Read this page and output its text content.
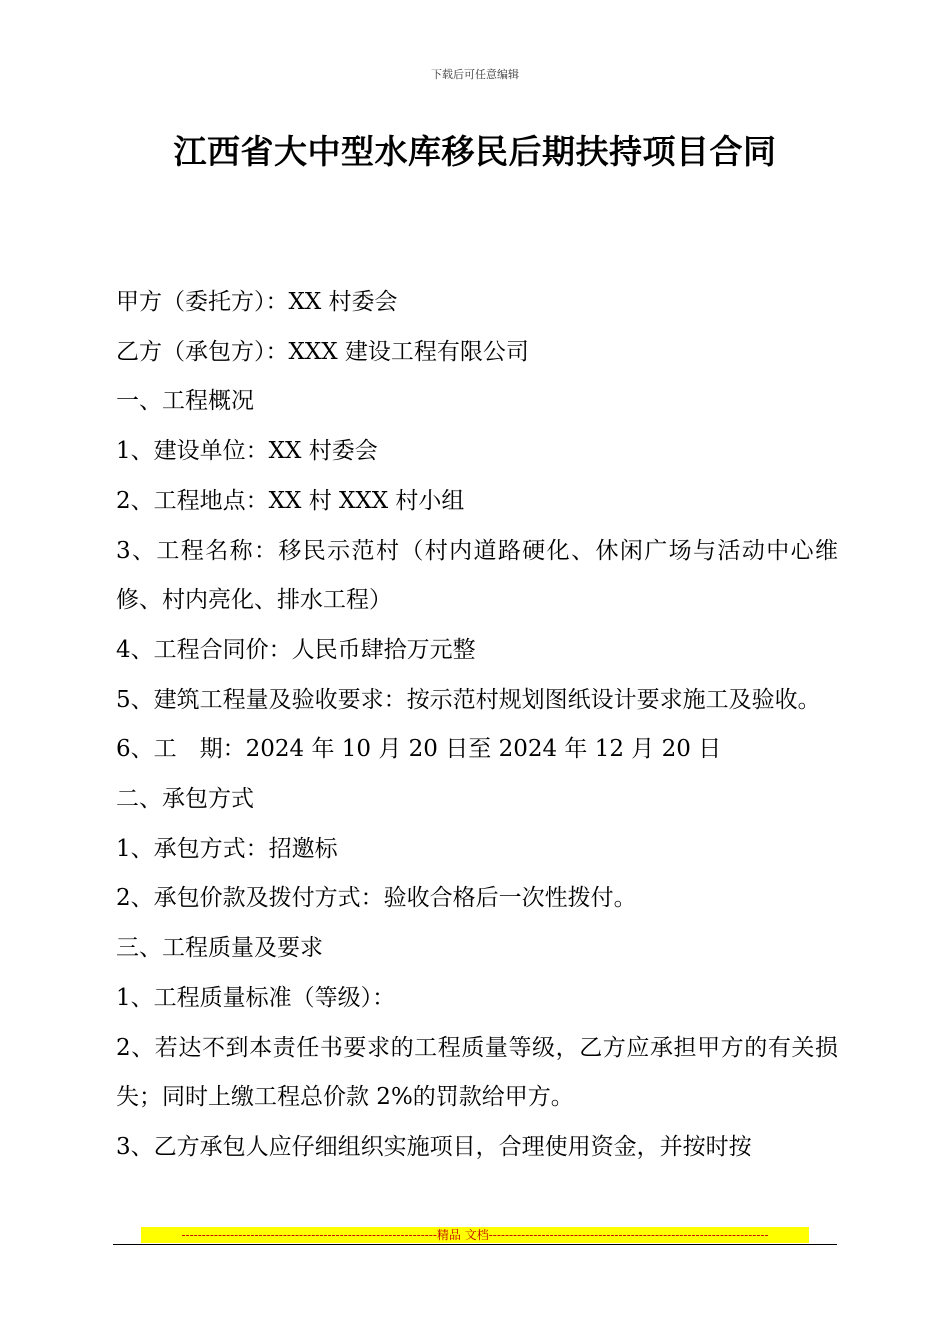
下载后可任意编辑
江西省大中型水库移民后期扶持项目合同

甲方（委托方）：XX 村委会

乙方（承包方）：XXX 建设工程有限公司

一、工程概况

1、建设单位：XX 村委会

2、工程地点：XX 村 XXX 村小组

3、工程名称：移民示范村（村内道路硬化、休闲广场与活动中心维修、村内亮化、排水工程）

4、工程合同价：人民币肆拾万元整

5、建筑工程量及验收要求：按示范村规划图纸设计要求施工及验收。

6、工　期：2024 年 10 月 20 日至 2024 年 12 月 20 日

二、承包方式

1、承包方式：招邀标

2、承包价款及拨付方式：验收合格后一次性拨付。

三、工程质量及要求

1、工程质量标准（等级）：

2、若达不到本责任书要求的工程质量等级，乙方应承担甲方的有关损失；同时上缴工程总价款 2%的罚款给甲方。

3、乙方承包人应仔细组织实施项目，合理使用资金，并按时按

---------------------------------------------------------------精品 文档---------------------------------------------------------------------
